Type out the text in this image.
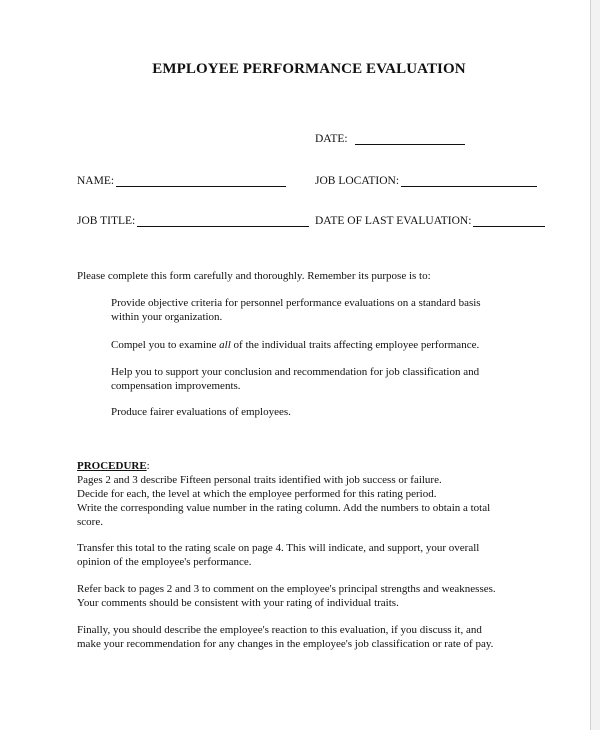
EMPLOYEE PERFORMANCE EVALUATION
DATE:
NAME:	JOB LOCATION:
JOB TITLE:	DATE OF LAST EVALUATION:
Please complete this form carefully and thoroughly. Remember its purpose is to:

Provide objective criteria for personnel performance evaluations on a standard basis

within your organization.

Compel you to examine all of the individual traits affecting employee performance.

Help you to support your conclusion and recommendation for job classification and

compensation improvements.

Produce fairer evaluations of employees.

PROCEDURE:

Pages 2 and 3 describe Fifteen personal traits identified with job success or failure.

Decide for each, the level at which the employee performed for this rating period.

Write the corresponding value number in the rating column. Add the numbers to obtain a total

score.

Transfer this total to the rating scale on page 4. This will indicate, and support, your overall

opinion of the employee's performance.

Refer back to pages 2 and 3 to comment on the employee's principal strengths and weaknesses.

Your comments should be consistent with your rating of individual traits.

Finally, you should describe the employee's reaction to this evaluation, if you discuss it, and

make your recommendation for any changes in the employee's job classification or rate of pay.
